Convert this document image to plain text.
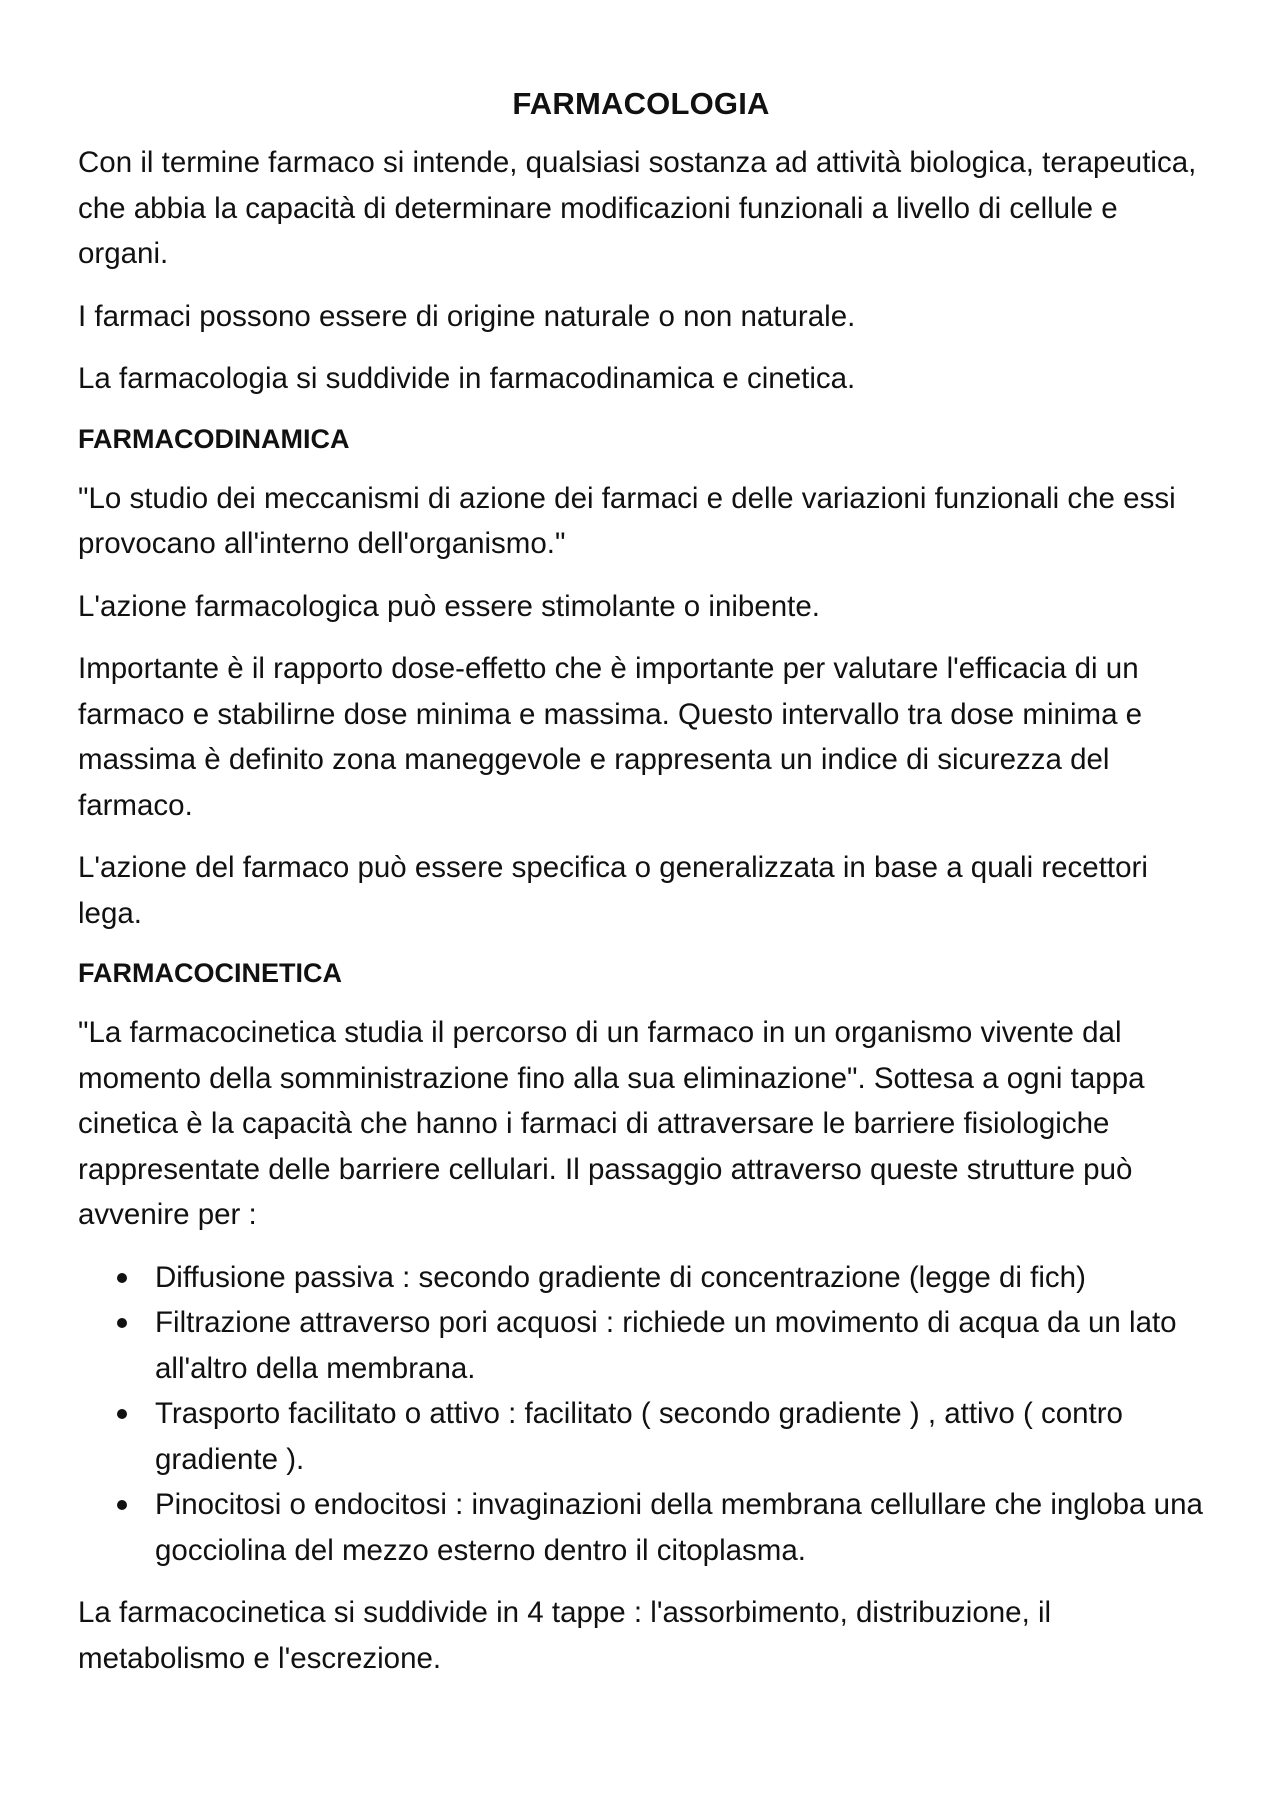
FARMACOLOGIA
Con il termine farmaco si intende, qualsiasi sostanza ad attività biologica, terapeutica, che abbia la capacità di determinare modificazioni funzionali a livello di cellule e organi.
I farmaci possono essere di origine naturale o non naturale.
La farmacologia si suddivide in farmacodinamica e cinetica.
FARMACODINAMICA
"Lo studio dei meccanismi di azione dei farmaci e delle variazioni funzionali che essi provocano all'interno dell'organismo."
L'azione farmacologica può essere stimolante o inibente.
Importante è il rapporto dose-effetto che è importante per valutare l'efficacia di un farmaco e stabilirne dose minima e massima. Questo intervallo tra dose minima e massima è definito zona maneggevole e rappresenta un indice di sicurezza del farmaco.
L'azione del farmaco può essere specifica o generalizzata in base a quali recettori lega.
FARMACOCINETICA
"La farmacocinetica studia il percorso di un farmaco in un organismo vivente dal momento della somministrazione fino alla sua eliminazione". Sottesa a ogni tappa cinetica è la capacità che hanno i farmaci di attraversare le barriere fisiologiche rappresentate delle barriere cellulari. Il passaggio attraverso queste strutture può avvenire per :
Diffusione passiva : secondo gradiente di concentrazione (legge di fich)
Filtrazione attraverso pori acquosi : richiede un movimento di acqua da un lato all'altro della membrana.
Trasporto facilitato o attivo : facilitato ( secondo gradiente ) , attivo ( contro gradiente ).
Pinocitosi o endocitosi : invaginazioni della membrana cellullare che ingloba una gocciolina del mezzo esterno dentro il citoplasma.
La farmacocinetica si suddivide in 4 tappe : l'assorbimento, distribuzione, il metabolismo e l'escrezione.
